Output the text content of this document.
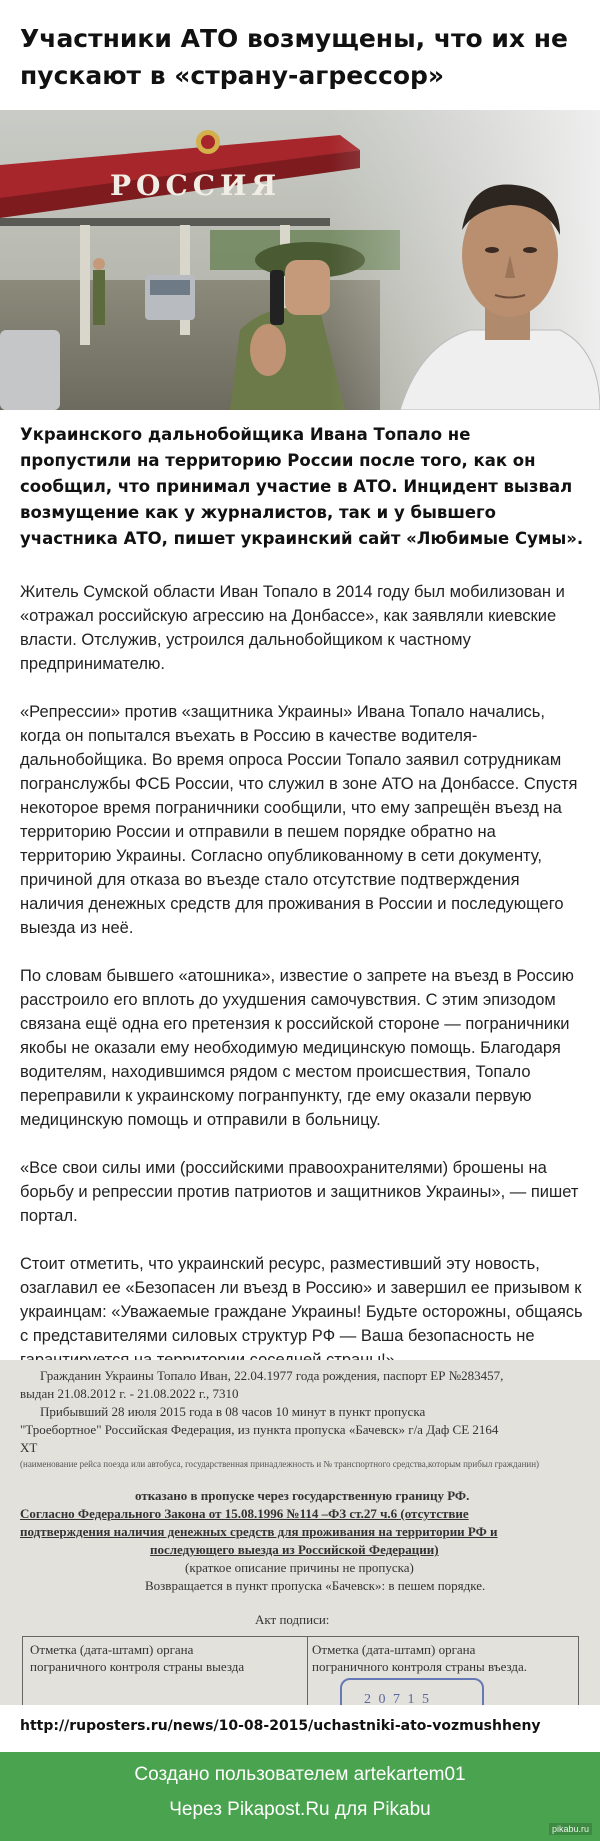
Участники АТО возмущены, что их не пускают в «страну-агрессор»
РОССИЯ

Украинского дальнобойщика Ивана Топало не пропустили на территорию России после того, как он сообщил, что принимал участие в АТО. Инцидент вызвал возмущение как у журналистов, так и у бывшего участника АТО, пишет украинский сайт «Любимые Сумы».

Житель Сумской области Иван Топало в 2014 году был мобилизован и «отражал российскую агрессию на Донбассе», как заявляли киевские власти. Отслужив, устроился дальнобойщиком к частному предпринимателю.

«Репрессии» против «защитника Украины» Ивана Топало начались, когда он попытался въехать в Россию в качестве водителя-дальнобойщика. Во время опроса России Топало заявил сотрудникам погранслужбы ФСБ России, что служил в зоне АТО на Донбассе. Спустя некоторое время пограничники сообщили, что ему запрещён въезд на территорию России и отправили в пешем порядке обратно на территорию Украины. Согласно опубликованному в сети документу, причиной для отказа во въезде стало отсутствие подтверждения наличия денежных средств для проживания в России и последующего выезда из неё.

По словам бывшего «атошника», известие о запрете на въезд в Россию расстроило его вплоть до ухудшения самочувствия. С этим эпизодом связана ещё одна его претензия к российской стороне — пограничники якобы не оказали ему необходимую медицинскую помощь. Благодаря водителям, находившимся рядом с местом происшествия, Топало переправили к украинскому погранпункту, где ему оказали первую медицинскую помощь и отправили в больницу.

«Все свои силы ими (российскими правоохранителями) брошены на борьбу и репрессии против патриотов и защитников Украины», — пишет портал.

Стоит отметить, что украинский ресурс, разместивший эту новость, озаглавил ее «Безопасен ли въезд в Россию» и завершил ее призывом к украинцам: «Уважаемые граждане Украины! Будьте осторожны, общаясь с представителями силовых структур РФ — Ваша безопасность не

Гражданин Украины Топало Иван, 22.04.1977 года рождения, паспорт ЕР №283457,
выдан 21.08.2012 г. - 21.08.2022 г., 7310
Прибывший 28 июля 2015 года в 08 часов 10 минут в пункт пропуска
"Троебортное" Российская Федерация, из пункта пропуска «Бачевск» г/а Даф СЕ 2164
ХТ
(наименование рейса поезда или автобуса, государственная принадлежность и № транспортного средства,которым прибыл гражданин)
отказано в пропуске через государственную границу РФ.
Согласно Федерального Закона от 15.08.1996 №114 –ФЗ ст.27 ч.6 (отсутствие
подтверждения наличия денежных средств для проживания на территории РФ и
последующего выезда из Российской Федерации)
(краткое описание причины не пропуска)
Возвращается в пункт пропуска «Бачевск»: в пешем порядке.
Акт подписи:
Отметка (дата-штамп) органа
пограничного контроля страны выезда
Отметка (дата-штамп) органа
пограничного контроля страны въезда.
2 0 7 1 5
http://ruposters.ru/news/10-08-2015/uchastniki-ato-vozmushheny
Создано пользователем artekartem01
Через Pikapost.Ru для Pikabu
pikabu.ru
